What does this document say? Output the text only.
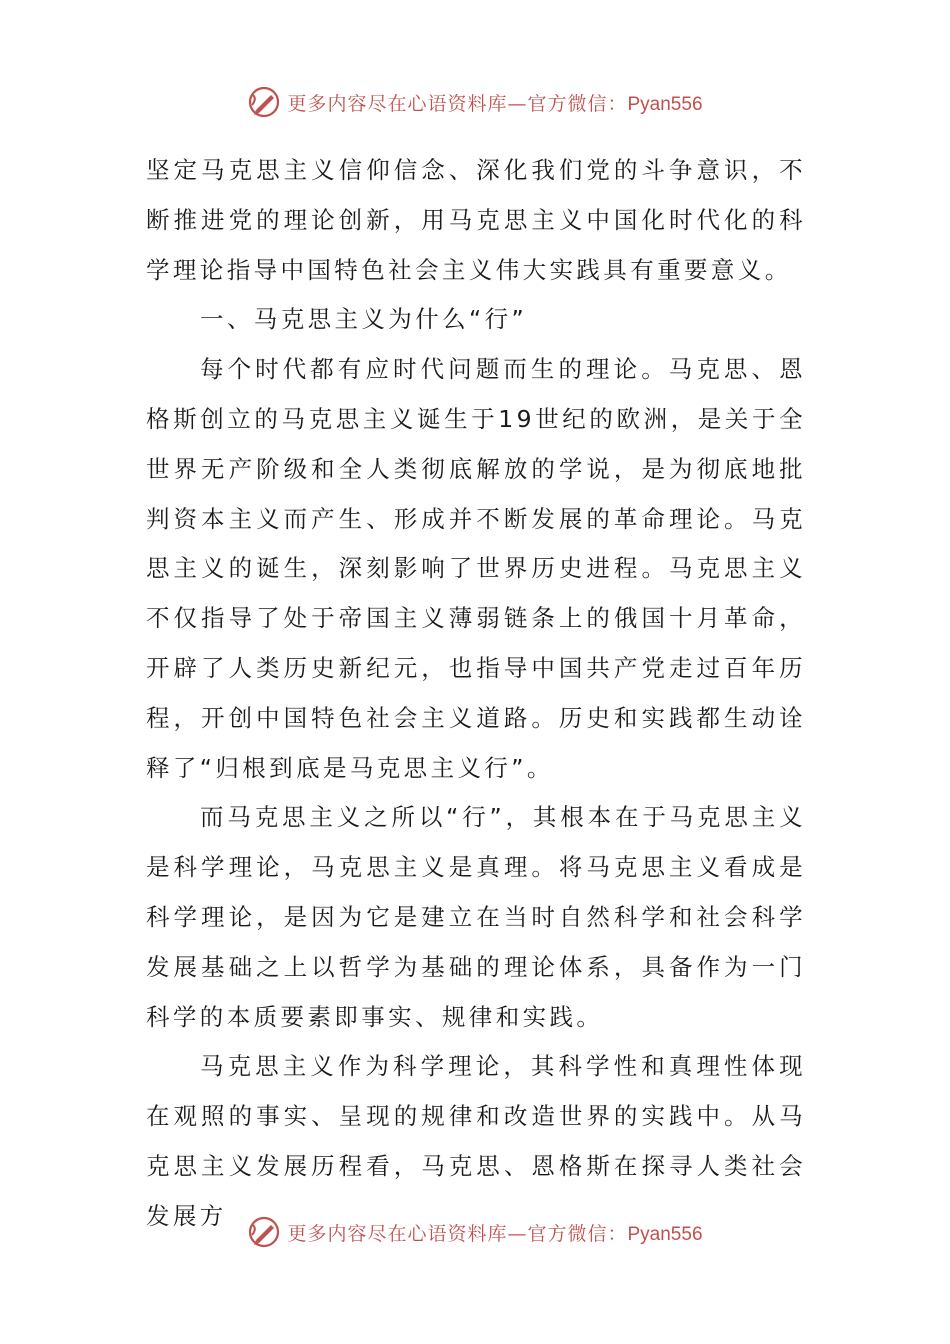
更多内容尽在心语资料库—官方微信：Pyan556

坚定马克思主义信仰信念、深化我们党的斗争意识，不断推进党的理论创新，用马克思主义中国化时代化的科学理论指导中国特色社会主义伟大实践具有重要意义。

一、马克思主义为什么“行”

每个时代都有应时代问题而生的理论。马克思、恩格斯创立的马克思主义诞生于19世纪的欧洲，是关于全世界无产阶级和全人类彻底解放的学说，是为彻底地批判资本主义而产生、形成并不断发展的革命理论。马克思主义的诞生，深刻影响了世界历史进程。马克思主义不仅指导了处于帝国主义薄弱链条上的俄国十月革命，开辟了人类历史新纪元，也指导中国共产党走过百年历程，开创中国特色社会主义道路。历史和实践都生动诠释了“归根到底是马克思主义行”。

而马克思主义之所以“行”，其根本在于马克思主义是科学理论，马克思主义是真理。将马克思主义看成是科学理论，是因为它是建立在当时自然科学和社会科学发展基础之上以哲学为基础的理论体系，具备作为一门科学的本质要素即事实、规律和实践。

马克思主义作为科学理论，其科学性和真理性体现在观照的事实、呈现的规律和改造世界的实践中。从马克思主义发展历程看，马克思、恩格斯在探寻人类社会发展方

更多内容尽在心语资料库—官方微信：Pyan556
